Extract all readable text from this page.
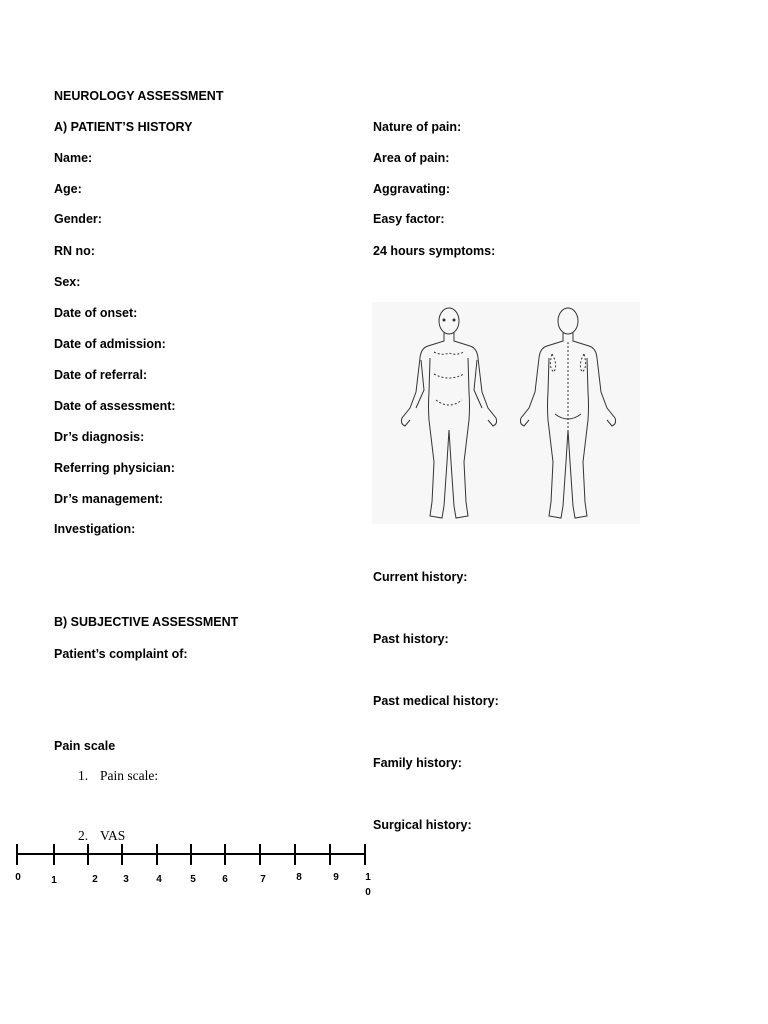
NEUROLOGY ASSESSMENT
A) PATIENT’S HISTORY
Name:
Age:
Gender:
RN no:
Sex:
Date of onset:
Date of admission:
Date of referral:
Date of assessment:
Dr’s diagnosis:
Referring physician:
Dr’s management:
Investigation:
Nature of pain:
Area of pain:
Aggravating:
Easy factor:
24 hours symptoms:
Current history:
Past history:
Past medical history:
Family history:
Surgical history:
B) SUBJECTIVE ASSESSMENT
Patient’s complaint of:
Pain scale
1. Pain scale:
2. VAS
0	1	2	3	4	5	6	7	8	9	1
0
